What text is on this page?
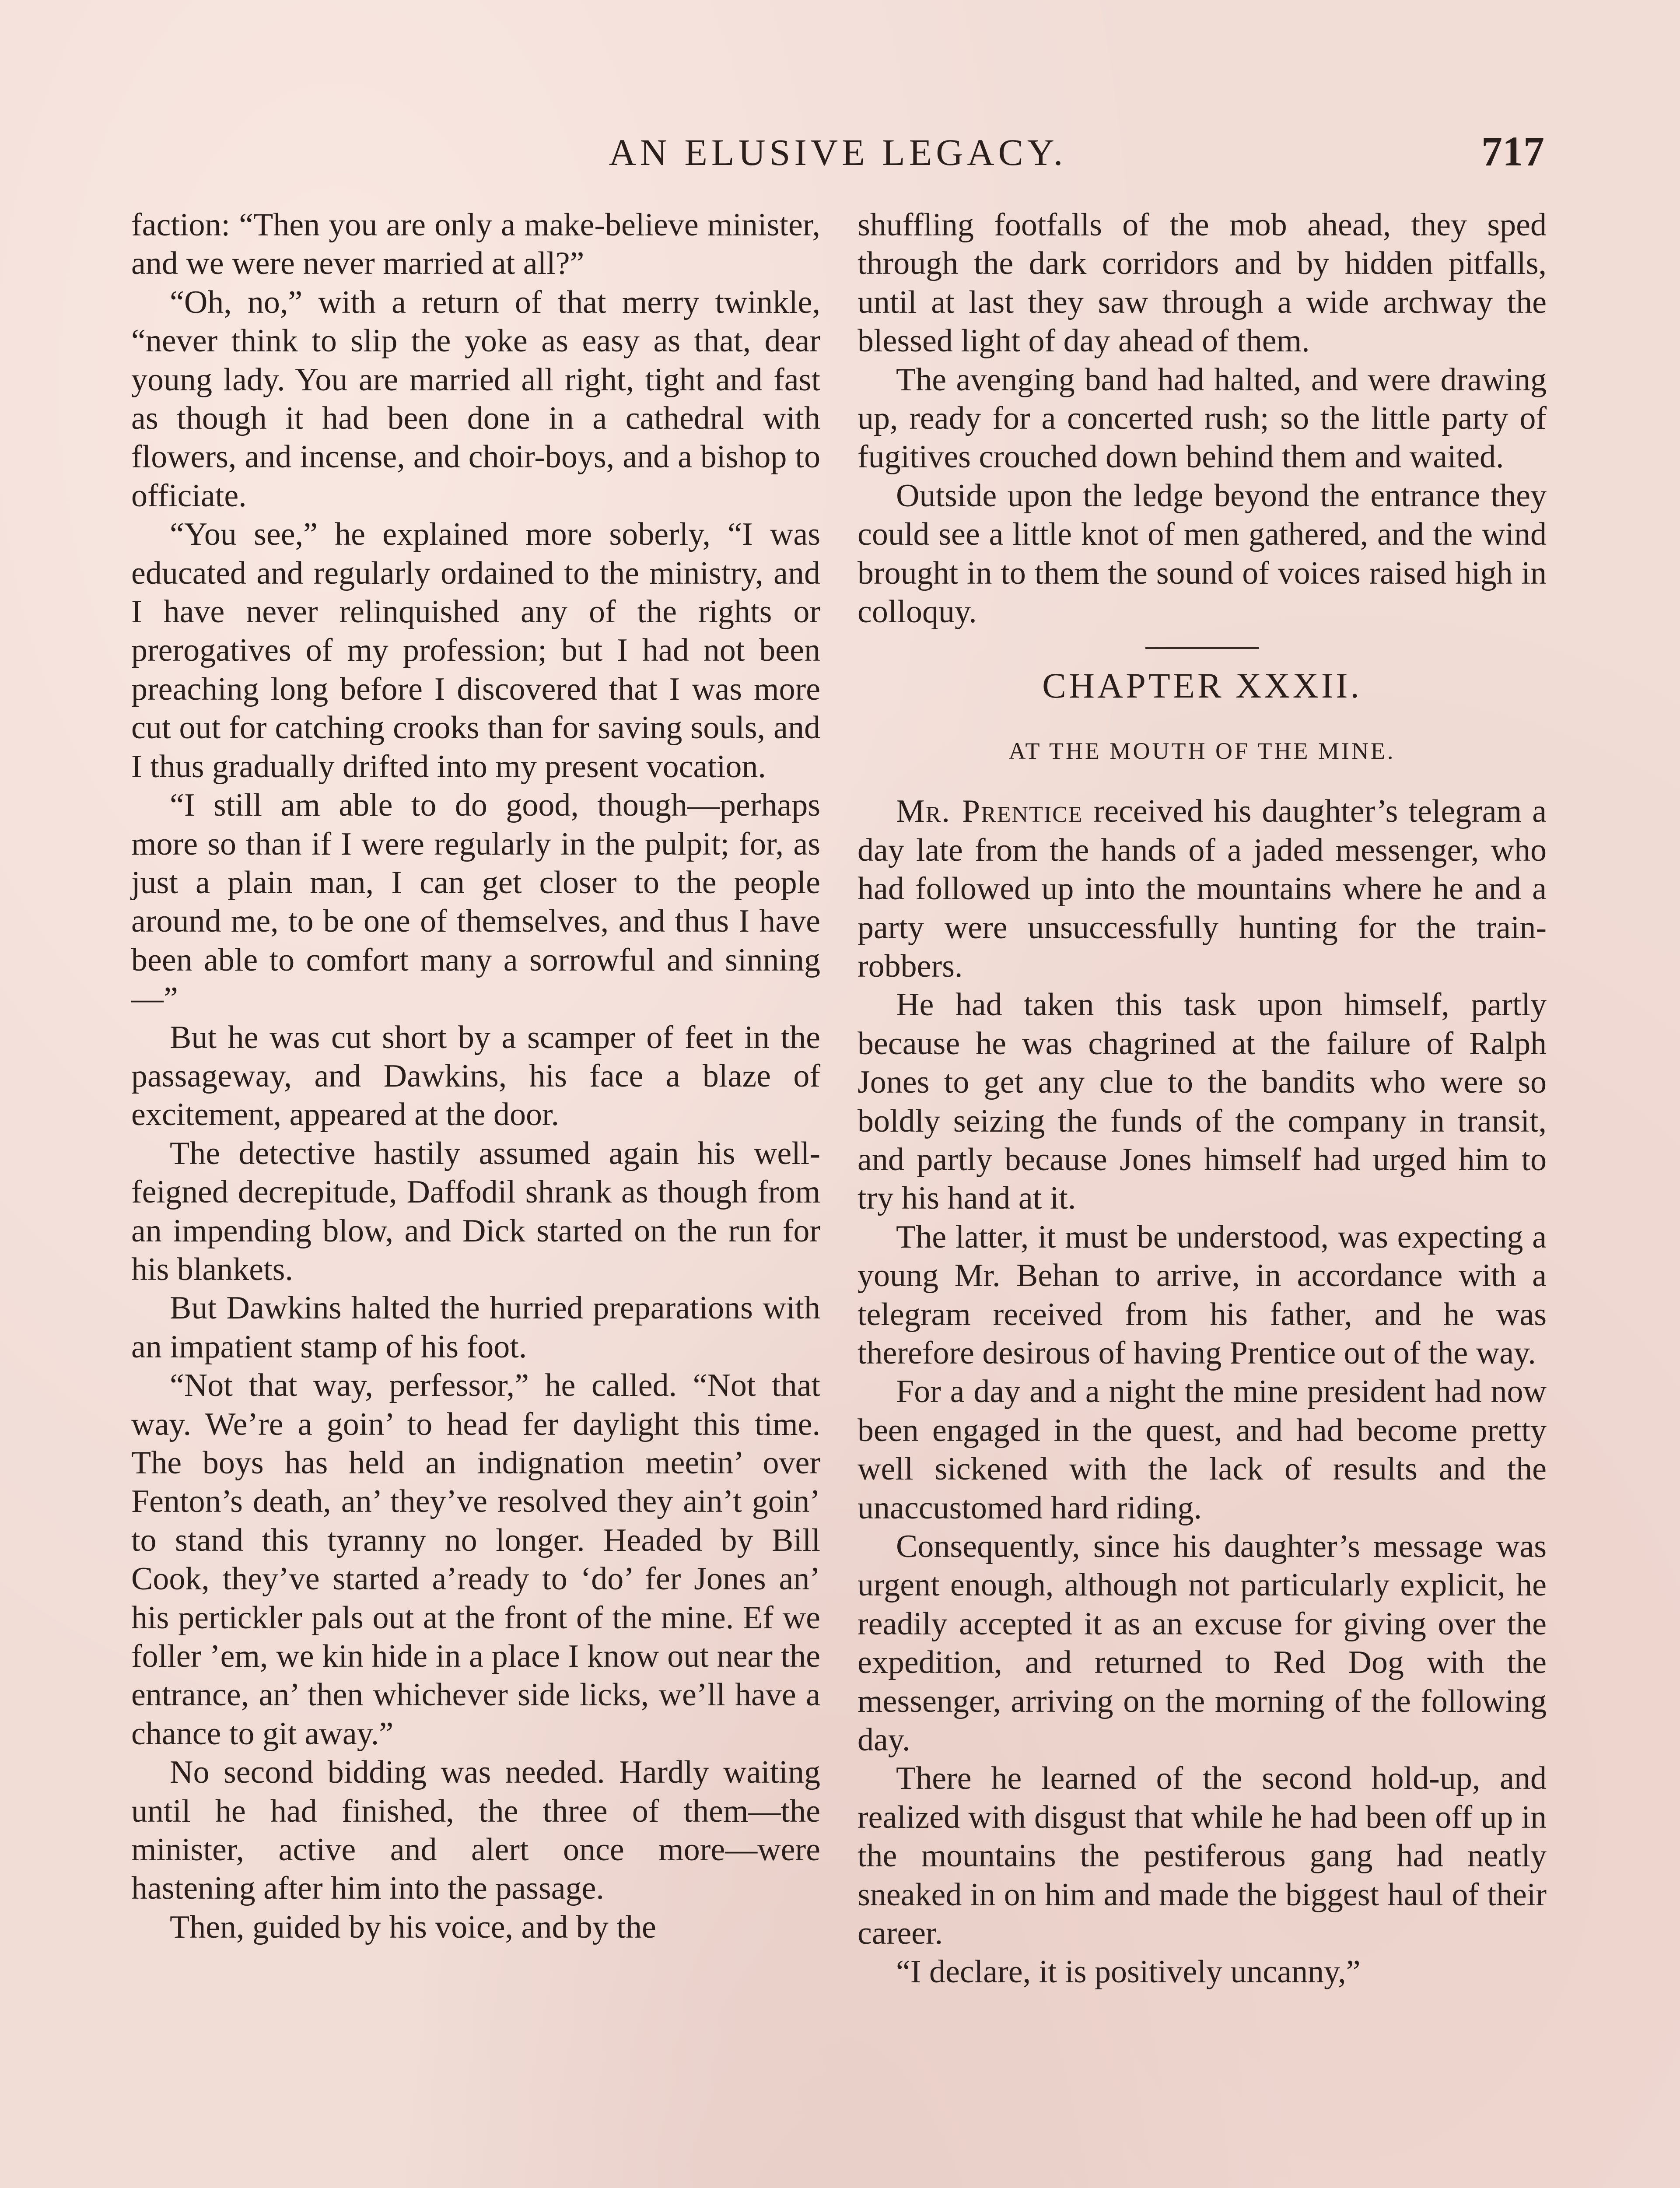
AN ELUSIVE LEGACY.	717

faction: “Then you are only a make-believe minister, and we were never married at all?”

“Oh, no,” with a return of that merry twinkle, “never think to slip the yoke as easy as that, dear young lady. You are married all right, tight and fast as though it had been done in a cathedral with flowers, and incense, and choir-boys, and a bishop to officiate.

“You see,” he explained more soberly, “I was educated and regularly ordained to the ministry, and I have never relinquished any of the rights or prerogatives of my profession; but I had not been preaching long before I discovered that I was more cut out for catching crooks than for saving souls, and I thus gradually drifted into my present vocation.

“I still am able to do good, though—perhaps more so than if I were regularly in the pulpit; for, as just a plain man, I can get closer to the people around me, to be one of themselves, and thus I have been able to comfort many a sorrowful and sinning—”

But he was cut short by a scamper of feet in the passageway, and Dawkins, his face a blaze of excitement, appeared at the door.

The detective hastily assumed again his well-feigned decrepitude, Daffodil shrank as though from an impending blow, and Dick started on the run for his blankets.

But Dawkins halted the hurried preparations with an impatient stamp of his foot.

“Not that way, perfessor,” he called. “Not that way. We’re a goin’ to head fer daylight this time. The boys has held an indignation meetin’ over Fenton’s death, an’ they’ve resolved they ain’t goin’ to stand this tyranny no longer. Headed by Bill Cook, they’ve started a’ready to ‘do’ fer Jones an’ his pertickler pals out at the front of the mine. Ef we foller ’em, we kin hide in a place I know out near the entrance, an’ then whichever side licks, we’ll have a chance to git away.”

No second bidding was needed. Hardly waiting until he had finished, the three of them—the minister, active and alert once more—were hastening after him into the passage.

Then, guided by his voice, and by the

shuffling footfalls of the mob ahead, they sped through the dark corridors and by hidden pitfalls, until at last they saw through a wide archway the blessed light of day ahead of them.

The avenging band had halted, and were drawing up, ready for a concerted rush; so the little party of fugitives crouched down behind them and waited.

Outside upon the ledge beyond the entrance they could see a little knot of men gathered, and the wind brought in to them the sound of voices raised high in colloquy.

CHAPTER XXXII.
AT THE MOUTH OF THE MINE.

Mr. Prentice received his daughter’s telegram a day late from the hands of a jaded messenger, who had followed up into the mountains where he and a party were unsuccessfully hunting for the train-robbers.

He had taken this task upon himself, partly because he was chagrined at the failure of Ralph Jones to get any clue to the bandits who were so boldly seizing the funds of the company in transit, and partly because Jones himself had urged him to try his hand at it.

The latter, it must be understood, was expecting a young Mr. Behan to arrive, in accordance with a telegram received from his father, and he was therefore desirous of having Prentice out of the way.

For a day and a night the mine president had now been engaged in the quest, and had become pretty well sickened with the lack of results and the unaccustomed hard riding.

Consequently, since his daughter’s message was urgent enough, although not particularly explicit, he readily accepted it as an excuse for giving over the expedition, and returned to Red Dog with the messenger, arriving on the morning of the following day.

There he learned of the second hold-up, and realized with disgust that while he had been off up in the mountains the pestiferous gang had neatly sneaked in on him and made the biggest haul of their career.

“I declare, it is positively uncanny,”
